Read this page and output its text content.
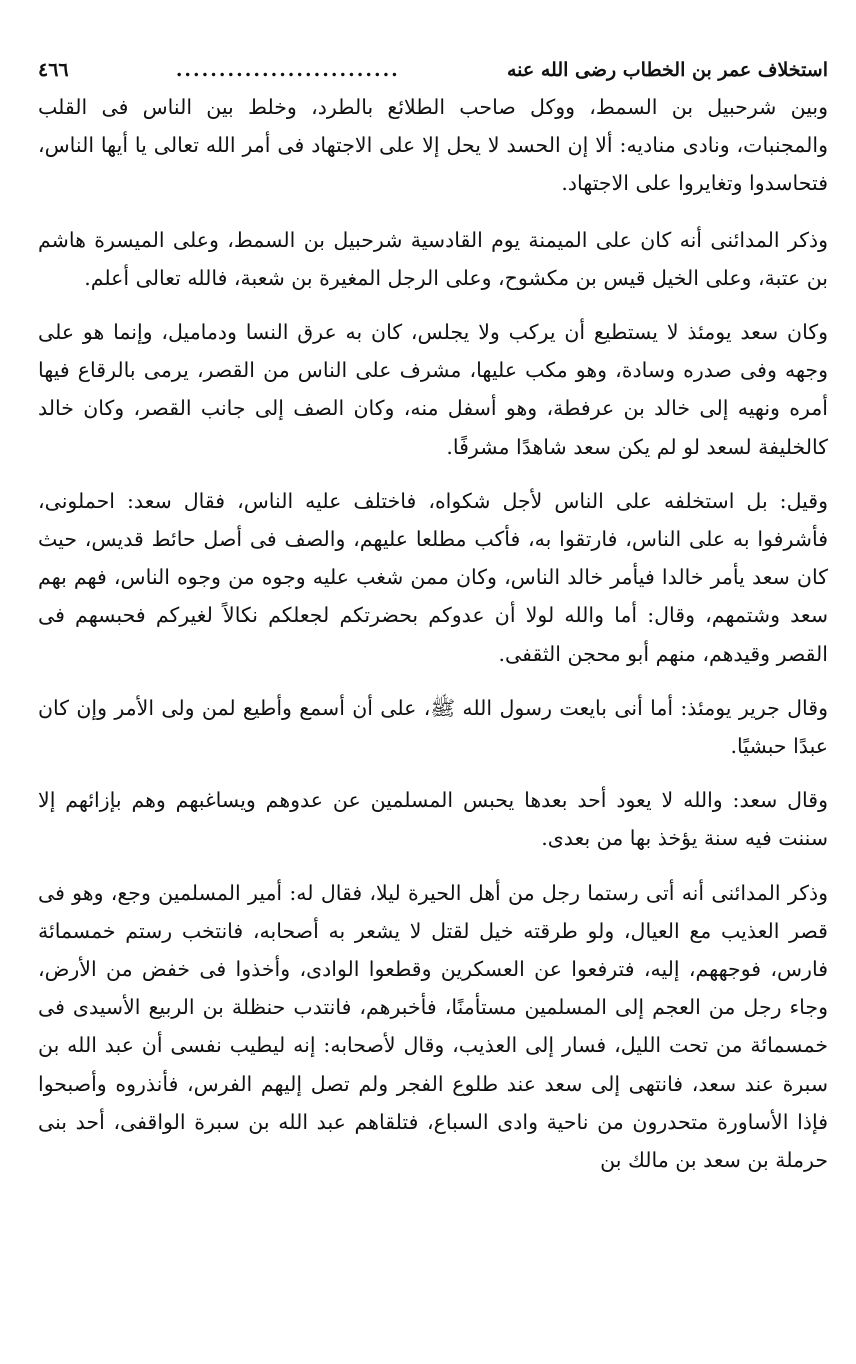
استخلاف عمر بن الخطاب رضى الله عنه
..........................
٤٦٦

وبين شرحبيل بن السمط، ووكل صاحب الطلائع بالطرد، وخلط بين الناس فى القلب والمجنبات، ونادى مناديه: ألا إن الحسد لا يحل إلا على الاجتهاد فى أمر الله تعالى يا أيها الناس، فتحاسدوا وتغايروا على الاجتهاد.

وذكر المدائنى أنه كان على الميمنة يوم القادسية شرحبيل بن السمط، وعلى الميسرة هاشم بن عتبة، وعلى الخيل قيس بن مكشوح، وعلى الرجل المغيرة بن شعبة، فالله تعالى أعلم.

وكان سعد يومئذ لا يستطيع أن يركب ولا يجلس، كان به عرق النسا ودماميل، وإنما هو على وجهه وفى صدره وسادة، وهو مكب عليها، مشرف على الناس من القصر، يرمى بالرقاع فيها أمره ونهيه إلى خالد بن عرفطة، وهو أسفل منه، وكان الصف إلى جانب القصر، وكان خالد كالخليفة لسعد لو لم يكن سعد شاهدًا مشرفًا.

وقيل: بل استخلفه على الناس لأجل شكواه، فاختلف عليه الناس، فقال سعد: احملونى، فأشرفوا به على الناس، فارتقوا به، فأكب مطلعا عليهم، والصف فى أصل حائط قديس، حيث كان سعد يأمر خالدا فيأمر خالد الناس، وكان ممن شغب عليه وجوه من وجوه الناس، فهم بهم سعد وشتمهم، وقال: أما والله لولا أن عدوكم بحضرتكم لجعلكم نكالاً لغيركم فحبسهم فى القصر وقيدهم، منهم أبو محجن الثقفى.

وقال جرير يومئذ: أما أنى بايعت رسول الله ﷺ، على أن أسمع وأطيع لمن ولى الأمر وإن كان عبدًا حبشيًا.

وقال سعد: والله لا يعود أحد بعدها يحبس المسلمين عن عدوهم ويساغبهم وهم بإزائهم إلا سننت فيه سنة يؤخذ بها من بعدى.

وذكر المدائنى أنه أتى رستما رجل من أهل الحيرة ليلا، فقال له: أمير المسلمين وجع، وهو فى قصر العذيب مع العيال، ولو طرقته خيل لقتل لا يشعر به أصحابه، فانتخب رستم خمسمائة فارس، فوجههم، إليه، فترفعوا عن العسكرين وقطعوا الوادى، وأخذوا فى خفض من الأرض، وجاء رجل من العجم إلى المسلمين مستأمنًا، فأخبرهم، فانتدب حنظلة بن الربيع الأسيدى فى خمسمائة من تحت الليل، فسار إلى العذيب، وقال لأصحابه: إنه ليطيب نفسى أن عبد الله بن سبرة عند سعد، فانتهى إلى سعد عند طلوع الفجر ولم تصل إليهم الفرس، فأنذروه وأصبحوا فإذا الأساورة متحدرون من ناحية وادى السباع، فتلقاهم عبد الله بن سبرة الواقفى، أحد بنى حرملة بن سعد بن مالك بن
